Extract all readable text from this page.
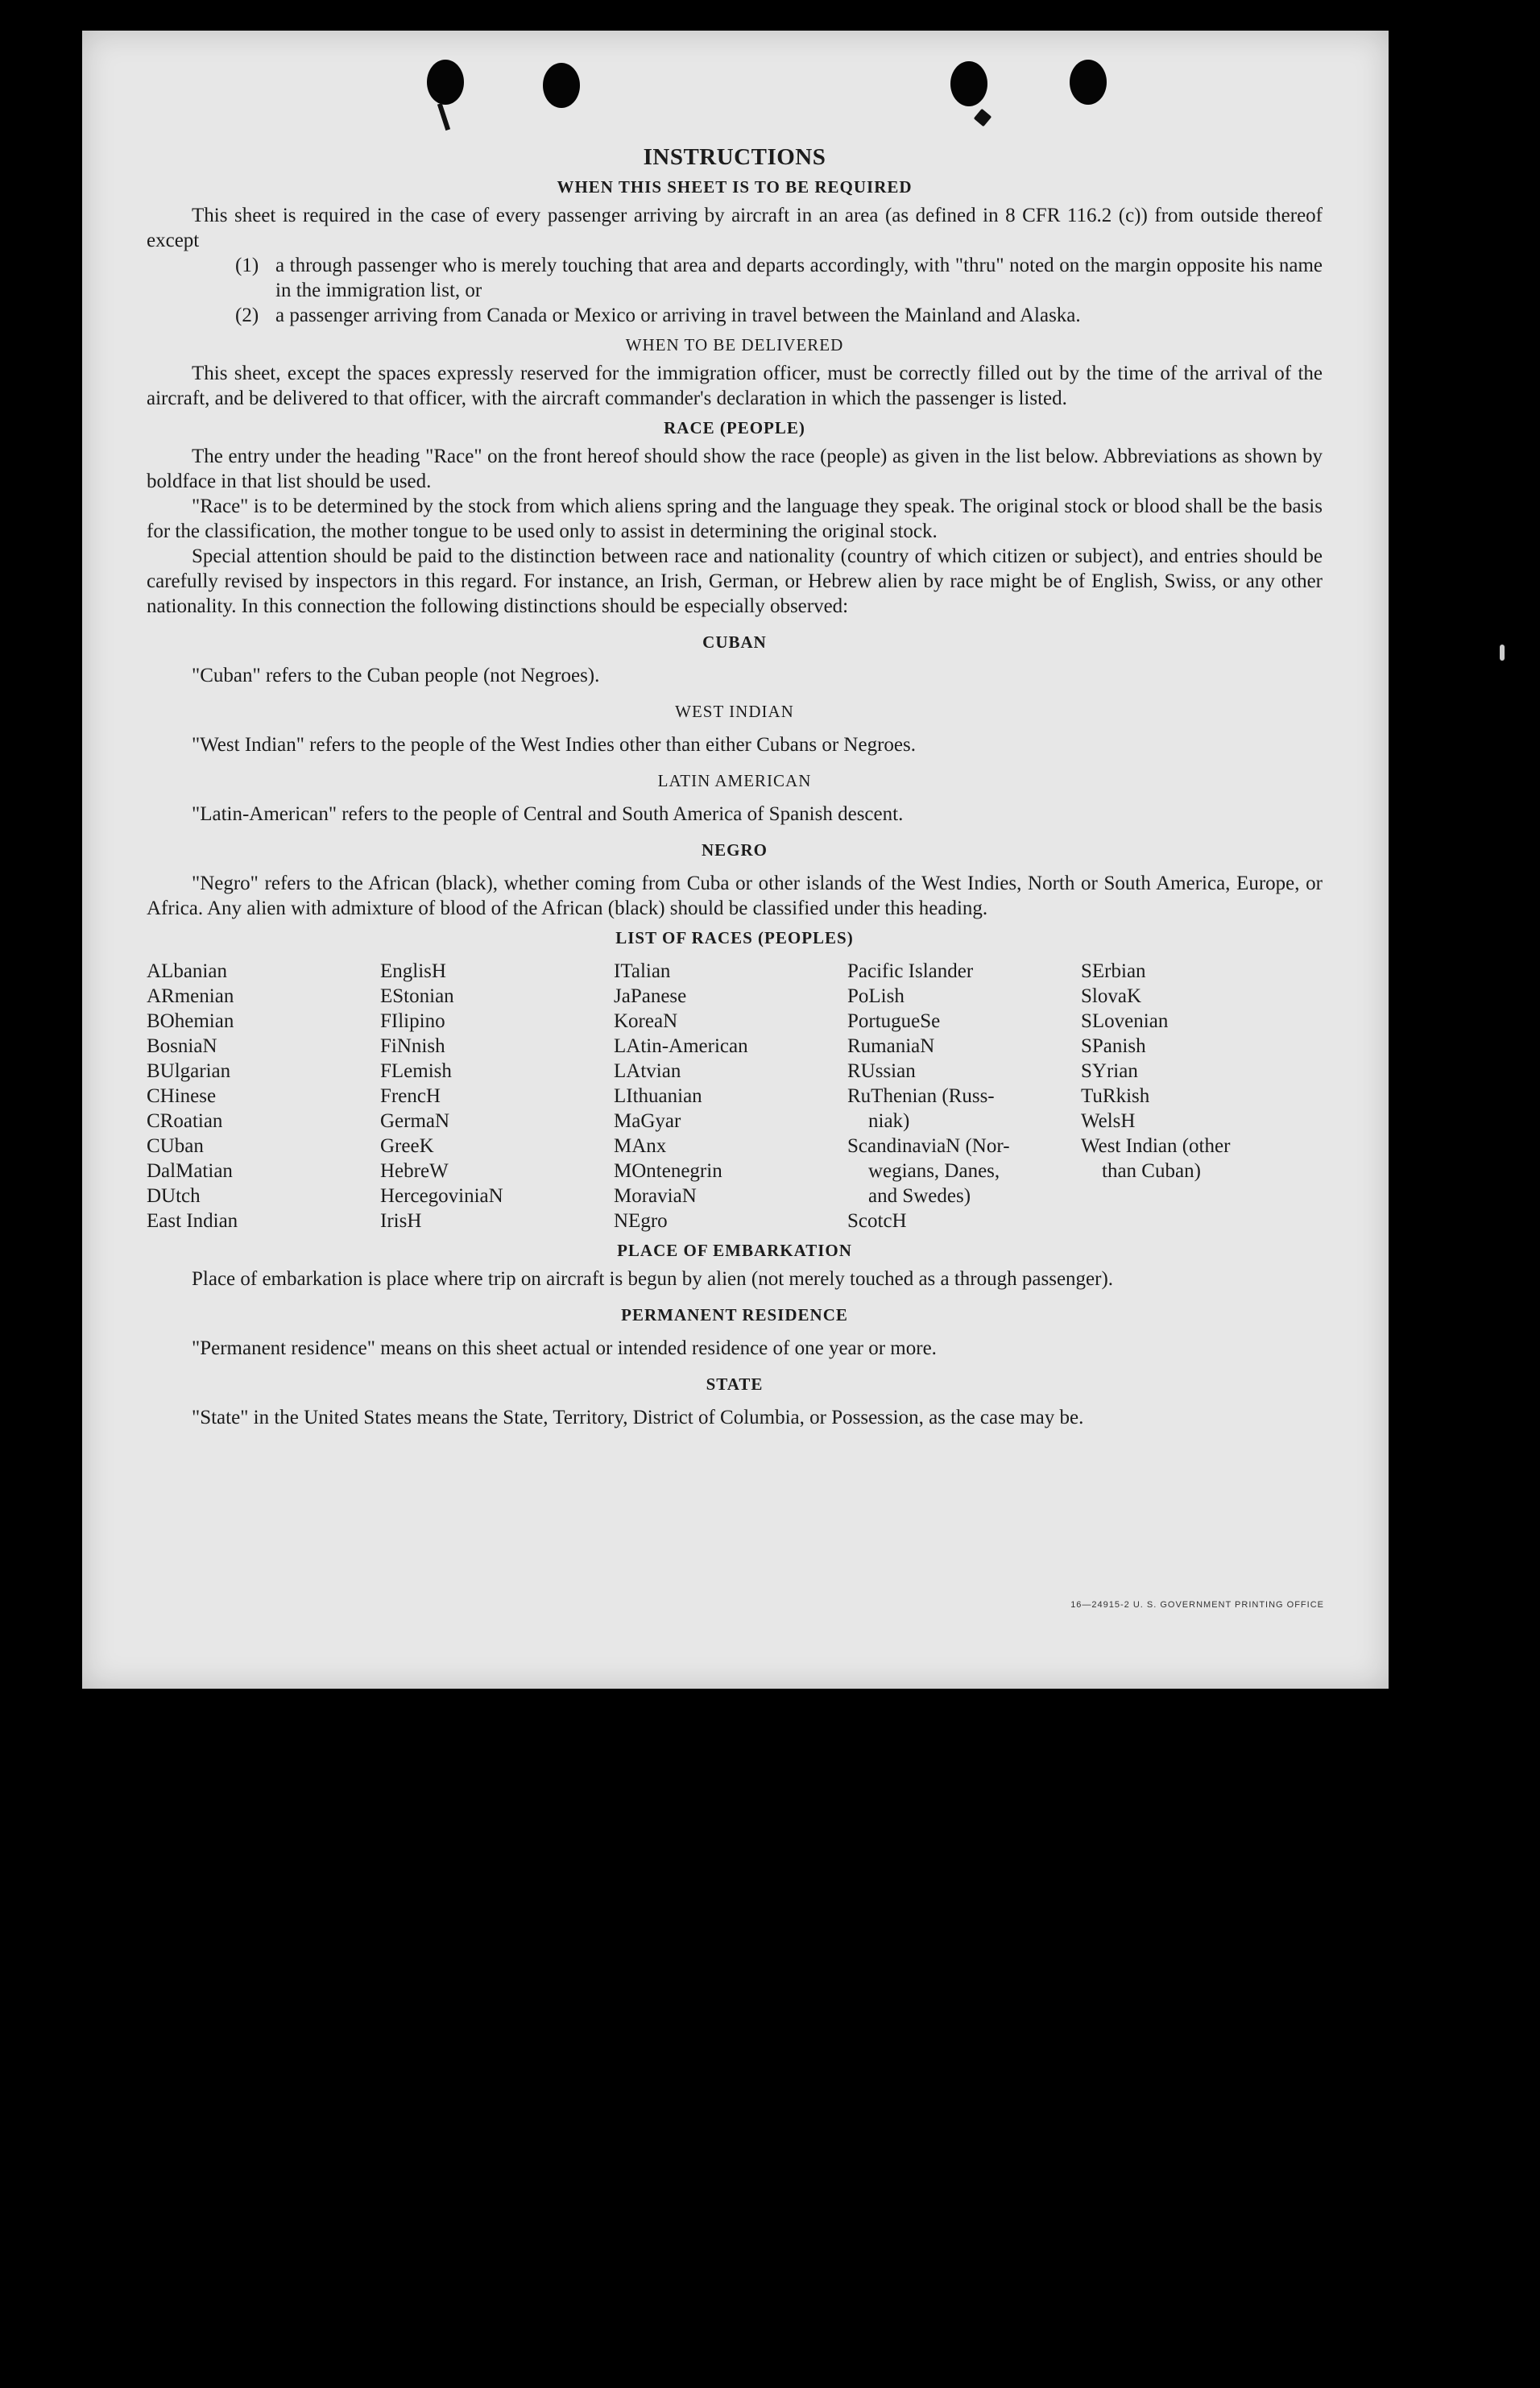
INSTRUCTIONS
WHEN THIS SHEET IS TO BE REQUIRED

This sheet is required in the case of every passenger arriving by aircraft in an area (as defined in 8 CFR 116.2 (c)) from outside thereof except

(1) a through passenger who is merely touching that area and departs accordingly, with "thru" noted on the margin opposite his name in the immigration list, or
(2) a passenger arriving from Canada or Mexico or arriving in travel between the Mainland and Alaska.
WHEN TO BE DELIVERED

This sheet, except the spaces expressly reserved for the immigration officer, must be correctly filled out by the time of the arrival of the aircraft, and be delivered to that officer, with the aircraft commander's declaration in which the passenger is listed.

RACE (PEOPLE)

The entry under the heading "Race" on the front hereof should show the race (people) as given in the list below. Abbreviations as shown by boldface in that list should be used.

"Race" is to be determined by the stock from which aliens spring and the language they speak. The original stock or blood shall be the basis for the classification, the mother tongue to be used only to assist in determining the original stock.

Special attention should be paid to the distinction between race and nationality (country of which citizen or subject), and entries should be carefully revised by inspectors in this regard. For instance, an Irish, German, or Hebrew alien by race might be of English, Swiss, or any other nationality. In this connection the following distinctions should be especially observed:

CUBAN

"Cuban" refers to the Cuban people (not Negroes).

WEST INDIAN

"West Indian" refers to the people of the West Indies other than either Cubans or Negroes.

LATIN AMERICAN

"Latin-American" refers to the people of Central and South America of Spanish descent.

NEGRO

"Negro" refers to the African (black), whether coming from Cuba or other islands of the West Indies, North or South America, Europe, or Africa. Any alien with admixture of blood of the African (black) should be classified under this heading.

LIST OF RACES (PEOPLES)
ALbanian
ARmenian
BOhemian
BosniaN
BUlgarian
CHinese
CRoatian
CUban
DalMatian
DUtch
East Indian
EnglisH
EStonian
FIlipino
FiNnish
FLemish
FrencH
GermaN
GreeK
HebreW
HercegoviniaN
IrisH
ITalian
JaPanese
KoreaN
LAtin-American
LAtvian
LIthuanian
MaGyar
MAnx
MOntenegrin
MoraviaN
NEgro
Pacific Islander
PoLish
PortugueSe
RumaniaN
RUssian
RuThenian (Russ-
niak)
ScandinaviaN (Nor-
wegians, Danes,
and Swedes)
ScotcH
SErbian
SlovaK
SLovenian
SPanish
SYrian
TuRkish
WelsH
West Indian (other
than Cuban)
PLACE OF EMBARKATION

Place of embarkation is place where trip on aircraft is begun by alien (not merely touched as a through passenger).

PERMANENT RESIDENCE

"Permanent residence" means on this sheet actual or intended residence of one year or more.

STATE

"State" in the United States means the State, Territory, District of Columbia, or Possession, as the case may be.

16—24915-2 U. S. GOVERNMENT PRINTING OFFICE
